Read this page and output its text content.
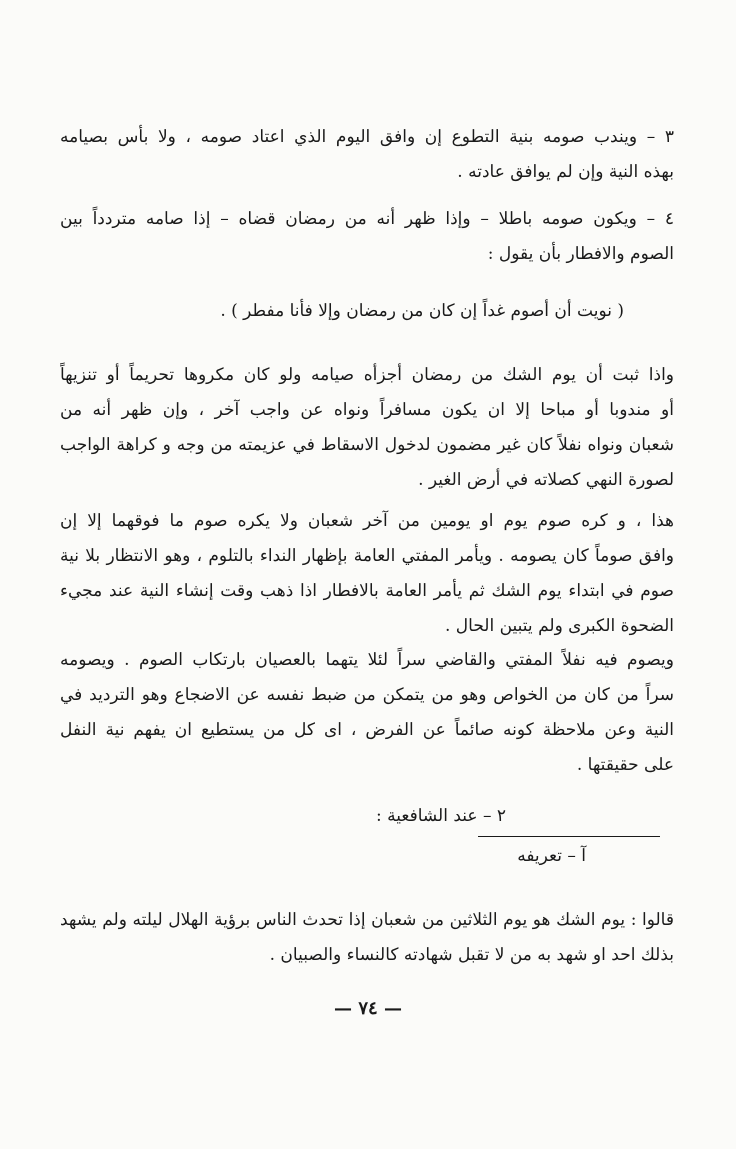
٣ – ويندب صومه بنية التطوع إن وافق اليوم الذي اعتاد صومه ، ولا بأس بصيامه
بهذه النية وإن لم يوافق عادته .

٤ – ويكون صومه باطلا – وإذا ظهر أنه من رمضان قضاه – إذا صامه متردداً بين
الصوم والافطار بأن يقول :

( نويت أن أصوم غداً إن كان من رمضان وإلا فأنا مفطر ) .

واذا ثبت أن يوم الشك من رمضان أجزأه صيامه ولو كان مكروها تحريماً أو تنزيهاً
أو مندوبا أو مباحا إلا ان يكون مسافراً ونواه عن واجب آخر ، وإن ظهر أنه من
شعبان ونواه نفلاً كان غير مضمون لدخول الاسقاط في عزيمته من وجه و كراهة الواجب
لصورة النهي كصلاته في أرض الغير .

هذا ، و كره صوم يوم او يومين من آخر شعبان ولا يكره صوم ما فوقهما إلا إن
وافق صوماً كان يصومه . ويأمر المفتي العامة بإظهار النداء بالتلوم ، وهو الانتظار بلا نية
صوم في ابتداء يوم الشك ثم يأمر العامة بالافطار اذا ذهب وقت إنشاء النية عند مجيء
الضحوة الكبرى ولم يتبين الحال .

ويصوم فيه نفلاً المفتي والقاضي سراً لئلا يتهما بالعصيان بارتكاب الصوم . ويصومه
سراً من كان من الخواص وهو من يتمكن من ضبط نفسه عن الاضجاع وهو الترديد في
النية وعن ملاحظة كونه صائماً عن الفرض ، اى كل من يستطيع ان يفهم نية النفل
على حقيقتها .

٢ – عند الشافعية :
آ – تعريفه

قالوا : يوم الشك هو يوم الثلاثين من شعبان إذا تحدث الناس برؤية الهلال ليلته ولم يشهد
بذلك احد او شهد به من لا تقبل شهادته كالنساء والصبيان .

— ٧٤ —
